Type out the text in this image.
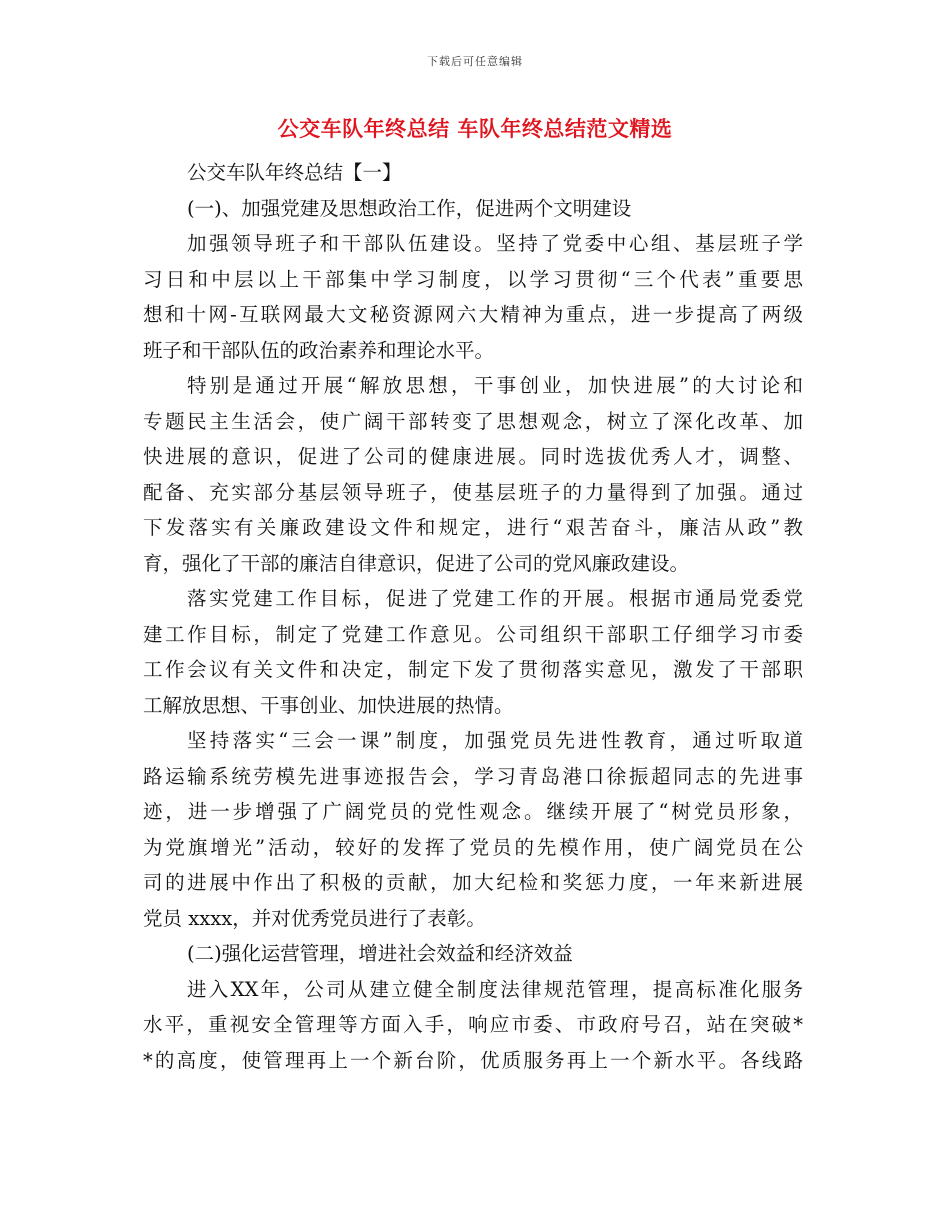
下载后可任意编辑
公交车队年终总结 车队年终总结范文精选
公交车队年终总结【一】
(一)、加强党建及思想政治工作，促进两个文明建设
加强领导班子和干部队伍建设。坚持了党委中心组、基层班子学
习日和中层以上干部集中学习制度，以学习贯彻“三个代表”重要思
想和十网-互联网最大文秘资源网六大精神为重点，进一步提高了两级
班子和干部队伍的政治素养和理论水平。
特别是通过开展“解放思想，干事创业，加快进展”的大讨论和
专题民主生活会，使广阔干部转变了思想观念，树立了深化改革、加
快进展的意识，促进了公司的健康进展。同时选拔优秀人才，调整、
配备、充实部分基层领导班子，使基层班子的力量得到了加强。通过
下发落实有关廉政建设文件和规定，进行“艰苦奋斗，廉洁从政”教
育，强化了干部的廉洁自律意识，促进了公司的党风廉政建设。
落实党建工作目标，促进了党建工作的开展。根据市通局党委党
建工作目标，制定了党建工作意见。公司组织干部职工仔细学习市委
工作会议有关文件和决定，制定下发了贯彻落实意见，激发了干部职
工解放思想、干事创业、加快进展的热情。
坚持落实“三会一课”制度，加强党员先进性教育，通过听取道
路运输系统劳模先进事迹报告会，学习青岛港口徐振超同志的先进事
迹，进一步增强了广阔党员的党性观念。继续开展了“树党员形象，
为党旗增光”活动，较好的发挥了党员的先模作用，使广阔党员在公
司的进展中作出了积极的贡献，加大纪检和奖惩力度，一年来新进展
党员 xxxx，并对优秀党员进行了表彰。
(二)强化运营管理，增进社会效益和经济效益
进入XX年，公司从建立健全制度法律规范管理，提高标准化服务
水平，重视安全管理等方面入手，响应市委、市政府号召，站在突破*
*的高度，使管理再上一个新台阶，优质服务再上一个新水平。各线路
